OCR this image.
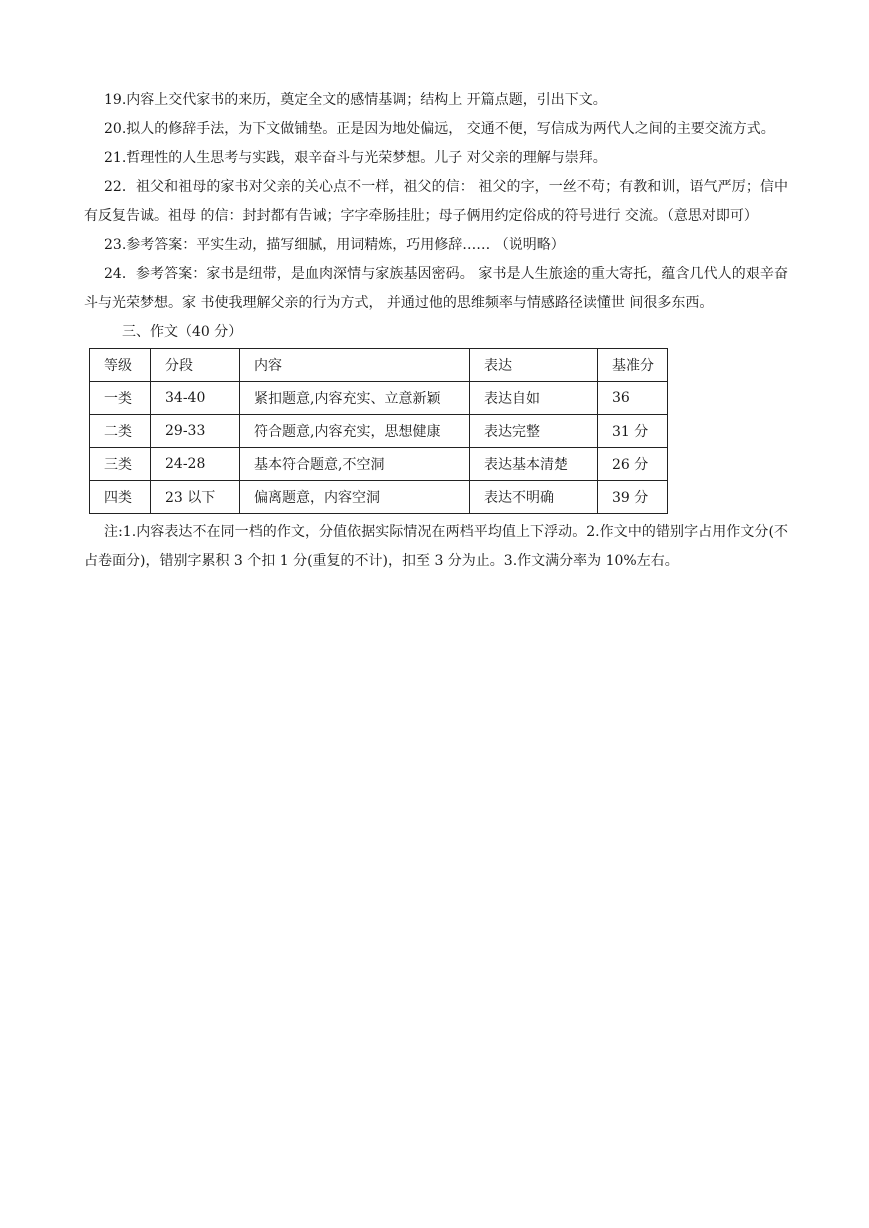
19.内容上交代家书的来历，奠定全文的感情基调；结构上 开篇点题，引出下文。

20.拟人的修辞手法，为下文做铺垫。正是因为地处偏远， 交通不便，写信成为两代人之间的主要交流方式。

21.哲理性的人生思考与实践，艰辛奋斗与光荣梦想。儿子 对父亲的理解与崇拜。

22．祖父和祖母的家书对父亲的关心点不一样，祖父的信： 祖父的字，一丝不苟；有教和训，语气严厉；信中有反复告诚。祖母 的信：封封都有告诫；字字牵肠挂肚；母子俩用约定俗成的符号进行 交流。（意思对即可）

23.参考答案：平实生动，描写细腻，用词精炼，巧用修辞…… （说明略）

24．参考答案：家书是纽带，是血肉深情与家族基因密码。 家书是人生旅途的重大寄托，蕴含几代人的艰辛奋斗与光荣梦想。家 书使我理解父亲的行为方式， 并通过他的思维频率与情感路径读懂世 间很多东西。

三、作文（40 分）

等级	分段	内容	表达	基准分
一类	34-40	紧扣题意,内容充实、立意新颖	表达自如	36
二类	29-33	符合题意,内容充实，思想健康	表达完整	31 分
三类	24-28	基本符合题意,不空洞	表达基本清楚	26 分
四类	23 以下	偏离题意，内容空洞	表达不明确	39 分

注:1.内容表达不在同一档的作文，分值依据实际情况在两档平均值上下浮动。2.作文中的错别字占用作文分(不占卷面分)，错别字累积 3 个扣 1 分(重复的不计)，扣至 3 分为止。3.作文满分率为 10%左右。
